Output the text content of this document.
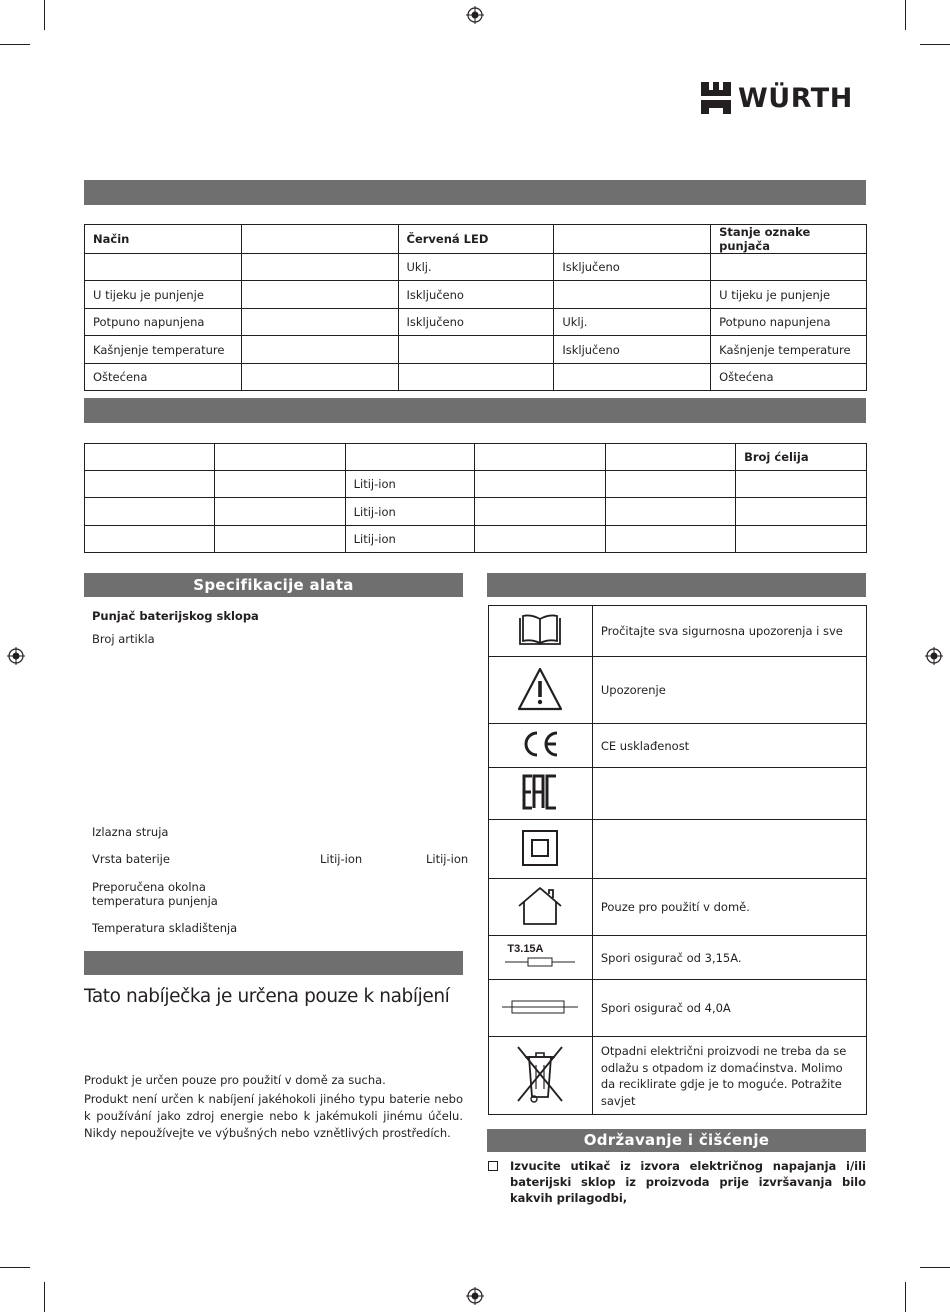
WÜRTH
Način		Červená LED		Stanje oznake punjača
		Uklj.	Isključeno	
U tijeku je punjenje		Isključeno		U tijeku je punjenje
Potpuno napunjena		Isključeno	Uklj.	Potpuno napunjena
Kašnjenje temperature			Isključeno	Kašnjenje temperature
Oštećena				Oštećena
					Broj ćelija
		Litij-ion			
		Litij-ion			
		Litij-ion			
Specifikacije alata
Punjač baterijskog sklopa
Broj artikla
Izlazna struja
Vrsta baterije	Litij-ion	Litij-ion
Preporučena okolna
temperatura punjenja
Temperatura skladištenja
Tato nabíječka je určena pouze k nabíjení
Produkt je určen pouze pro použití v domě za sucha.
Produkt není určen k nabíjení jakéhokoli jiného typu baterie nebo k používání jako zdroj energie nebo k jakémukoli jinému účelu. Nikdy nepoužívejte ve výbušných nebo vznětlivých prostředích.
	Pročitajte sva sigurnosna upozorenja i sve
	Upozorenje
	CE usklađenost

	Pouze pro použití v domě.

T3.15A	Spori osigurač od 3,15A.
	Spori osigurač od 4,0A
	Otpadni električni proizvodi ne treba da se odlažu s otpadom iz domaćinstva. Molimo da reciklirate gdje je to moguće. Potražite savjet
Održavanje i čišćenje
Izvucite utikač iz izvora električnog napajanja i/ili baterijski sklop iz proizvoda prije izvršavanja bilo kakvih prilagodbi,
